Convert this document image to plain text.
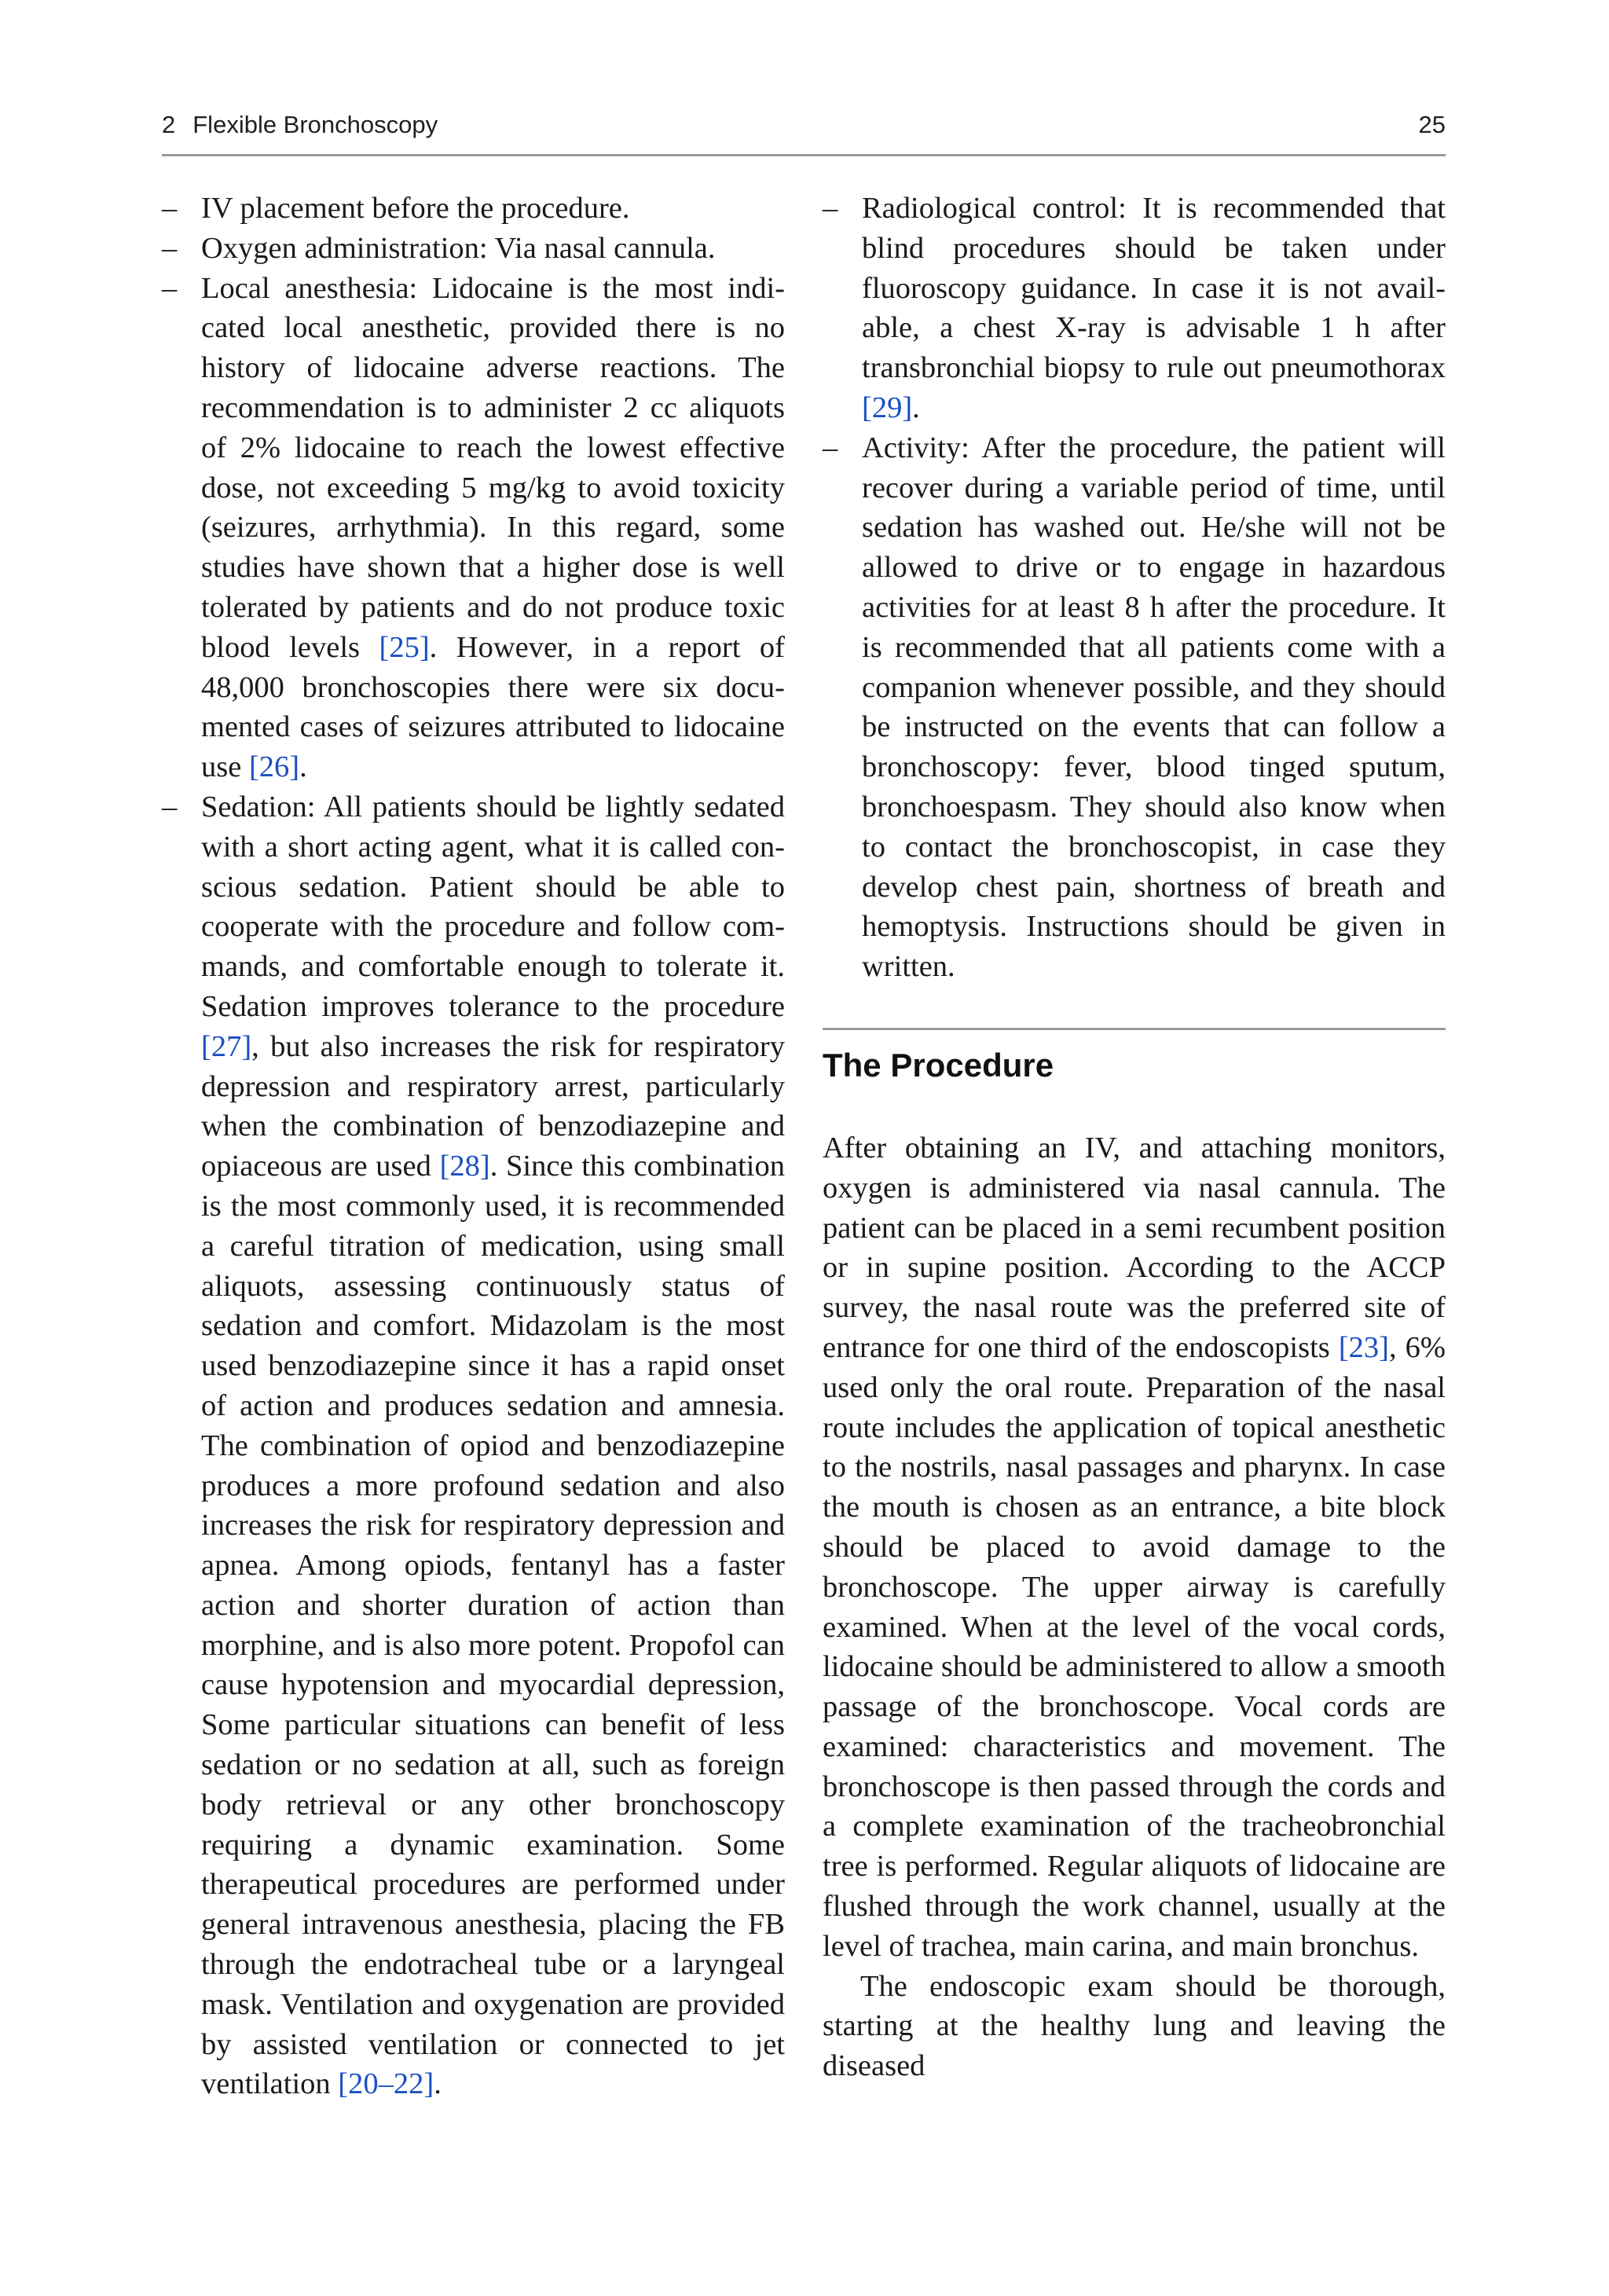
2 Flexible Bronchoscopy	25
– IV placement before the procedure.
– Oxygen administration: Via nasal cannula.
– Local anesthesia: Lidocaine is the most indicated local anesthetic, provided there is no history of lidocaine adverse reactions. The recommendation is to administer 2 cc aliquots of 2% lidocaine to reach the lowest effective dose, not exceeding 5 mg/kg to avoid toxicity (seizures, arrhythmia). In this regard, some studies have shown that a higher dose is well tolerated by patients and do not produce toxic blood levels [25]. However, in a report of 48,000 bronchoscopies there were six documented cases of seizures attributed to lidocaine use [26].
– Sedation: All patients should be lightly sedated with a short acting agent, what it is called conscious sedation. Patient should be able to cooperate with the procedure and follow commands, and comfortable enough to tolerate it. Sedation improves tolerance to the procedure [27], but also increases the risk for respiratory depression and respiratory arrest, particularly when the combination of benzodiazepine and opiaceous are used [28]. Since this combination is the most commonly used, it is recommended a careful titration of medication, using small aliquots, assessing continuously status of sedation and comfort. Midazolam is the most used benzodiazepine since it has a rapid onset of action and produces sedation and amnesia. The combination of opiod and benzodiazepine produces a more profound sedation and also increases the risk for respiratory depression and apnea. Among opiods, fentanyl has a faster action and shorter duration of action than morphine, and is also more potent. Propofol can cause hypotension and myocardial depression, Some particular situations can benefit of less sedation or no sedation at all, such as foreign body retrieval or any other bronchoscopy requiring a dynamic examination. Some therapeutical procedures are performed under general intravenous anesthesia, placing the FB through the endotracheal tube or a laryngeal mask. Ventilation and oxygenation are provided by assisted ventilation or connected to jet ventilation [20–22].
– Radiological control: It is recommended that blind procedures should be taken under fluoroscopy guidance. In case it is not available, a chest X-ray is advisable 1 h after transbronchial biopsy to rule out pneumothorax [29].
– Activity: After the procedure, the patient will recover during a variable period of time, until sedation has washed out. He/she will not be allowed to drive or to engage in hazardous activities for at least 8 h after the procedure. It is recommended that all patients come with a companion whenever possible, and they should be instructed on the events that can follow a bronchoscopy: fever, blood tinged sputum, bronchoespasm. They should also know when to contact the bronchoscopist, in case they develop chest pain, shortness of breath and hemoptysis. Instructions should be given in written.
The Procedure
After obtaining an IV, and attaching monitors, oxygen is administered via nasal cannula. The patient can be placed in a semi recumbent position or in supine position. According to the ACCP survey, the nasal route was the preferred site of entrance for one third of the endoscopists [23], 6% used only the oral route. Preparation of the nasal route includes the application of topical anesthetic to the nostrils, nasal passages and pharynx. In case the mouth is chosen as an entrance, a bite block should be placed to avoid damage to the bronchoscope. The upper airway is carefully examined. When at the level of the vocal cords, lidocaine should be administered to allow a smooth passage of the bronchoscope. Vocal cords are examined: characteristics and movement. The bronchoscope is then passed through the cords and a complete examination of the tracheobronchial tree is performed. Regular aliquots of lidocaine are flushed through the work channel, usually at the level of trachea, main carina, and main bronchus.
The endoscopic exam should be thorough, starting at the healthy lung and leaving the diseased
